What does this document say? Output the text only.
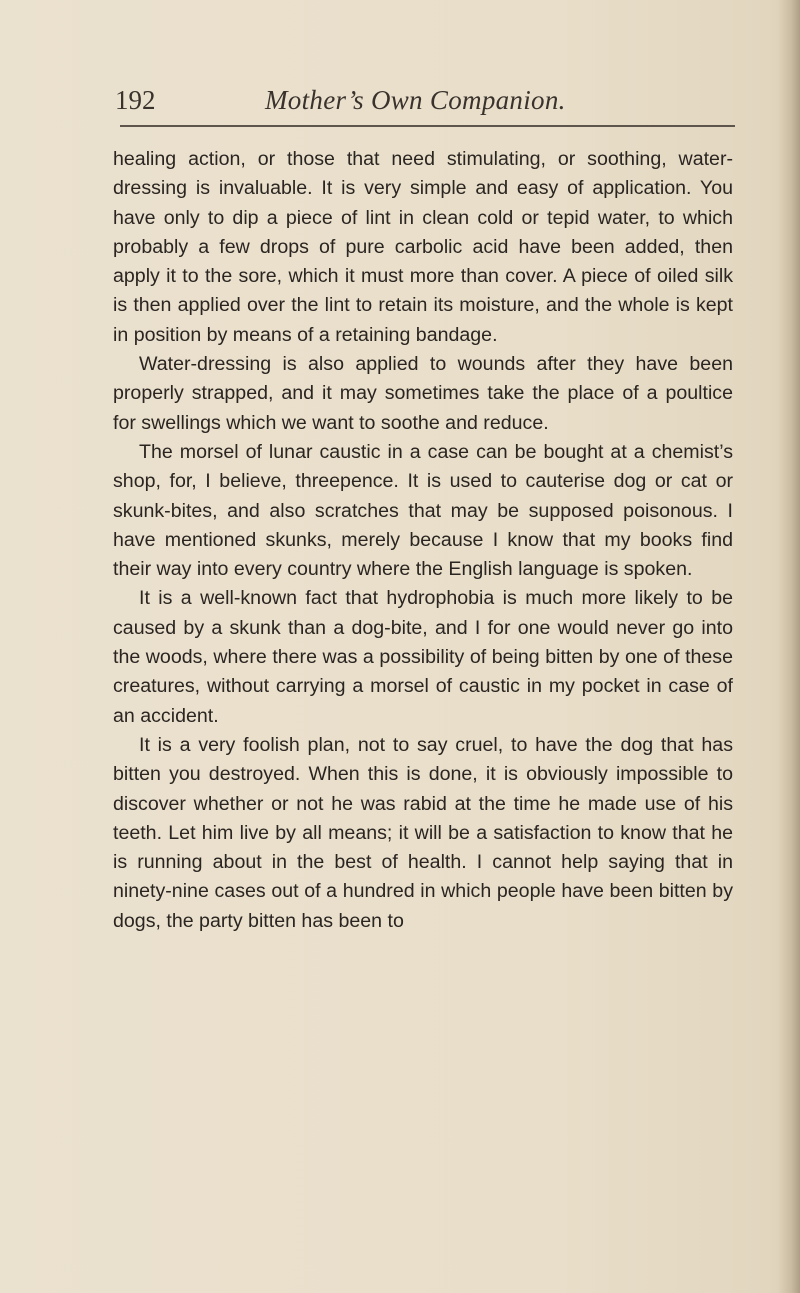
192	Mother’s Own Companion.

healing action, or those that need stimulating, or soothing, water-dressing is invaluable. It is very simple and easy of application. You have only to dip a piece of lint in clean cold or tepid water, to which probably a few drops of pure carbolic acid have been added, then apply it to the sore, which it must more than cover. A piece of oiled silk is then applied over the lint to retain its moisture, and the whole is kept in position by means of a retaining bandage.

Water-dressing is also applied to wounds after they have been properly strapped, and it may sometimes take the place of a poultice for swellings which we want to soothe and reduce.

The morsel of lunar caustic in a case can be bought at a chemist’s shop, for, I believe, threepence. It is used to cauterise dog or cat or skunk-bites, and also scratches that may be supposed poisonous. I have mentioned skunks, merely because I know that my books find their way into every country where the English language is spoken.

It is a well-known fact that hydrophobia is much more likely to be caused by a skunk than a dog-bite, and I for one would never go into the woods, where there was a possibility of being bitten by one of these creatures, without carrying a morsel of caustic in my pocket in case of an accident.

It is a very foolish plan, not to say cruel, to have the dog that has bitten you destroyed. When this is done, it is obviously impossible to discover whether or not he was rabid at the time he made use of his teeth. Let him live by all means; it will be a satisfaction to know that he is running about in the best of health. I cannot help saying that in ninety-nine cases out of a hundred in which people have been bitten by dogs, the party bitten has been to
